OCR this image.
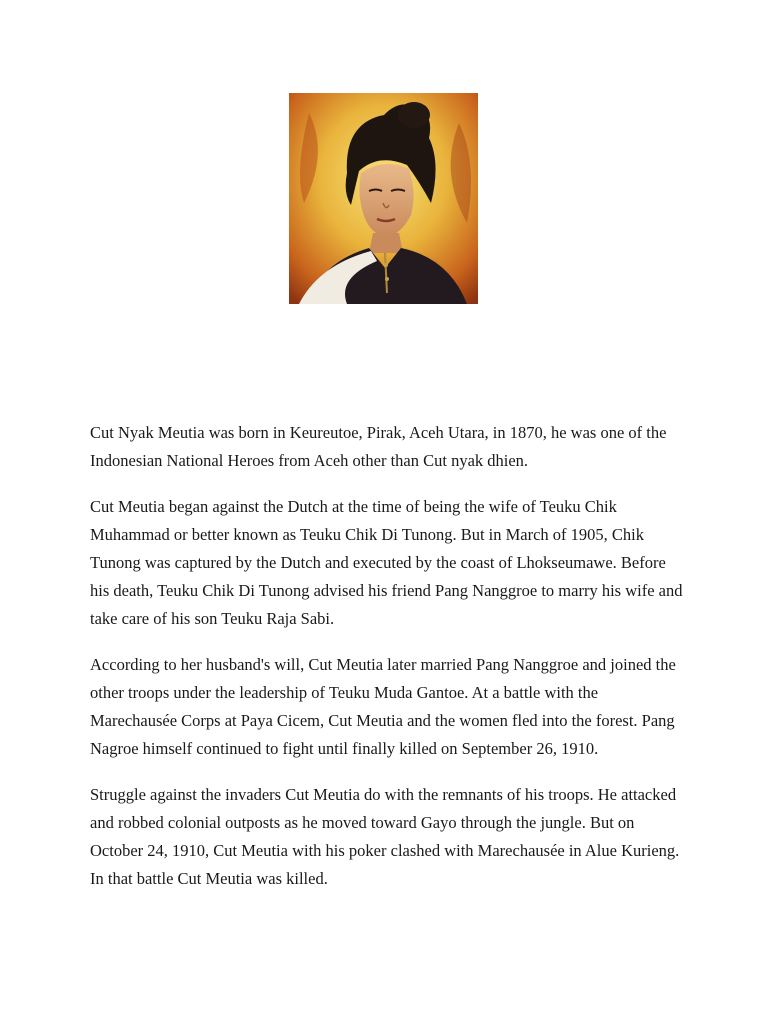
Cut Nyak Meutia was born in Keureutoe, Pirak, Aceh Utara, in 1870, he was one of the Indonesian National Heroes from Aceh other than Cut nyak dhien.

Cut Meutia began against the Dutch at the time of being the wife of Teuku Chik Muhammad or better known as Teuku Chik Di Tunong. But in March of 1905, Chik Tunong was captured by the Dutch and executed by the coast of Lhokseumawe. Before his death, Teuku Chik Di Tunong advised his friend Pang Nanggroe to marry his wife and take care of his son Teuku Raja Sabi.

According to her husband's will, Cut Meutia later married Pang Nanggroe and joined the other troops under the leadership of Teuku Muda Gantoe. At a battle with the Marechausée Corps at Paya Cicem, Cut Meutia and the women fled into the forest. Pang Nagroe himself continued to fight until finally killed on September 26, 1910.

Struggle against the invaders Cut Meutia do with the remnants of his troops. He attacked and robbed colonial outposts as he moved toward Gayo through the jungle. But on October 24, 1910, Cut Meutia with his poker clashed with Marechausée in Alue Kurieng. In that battle Cut Meutia was killed.
